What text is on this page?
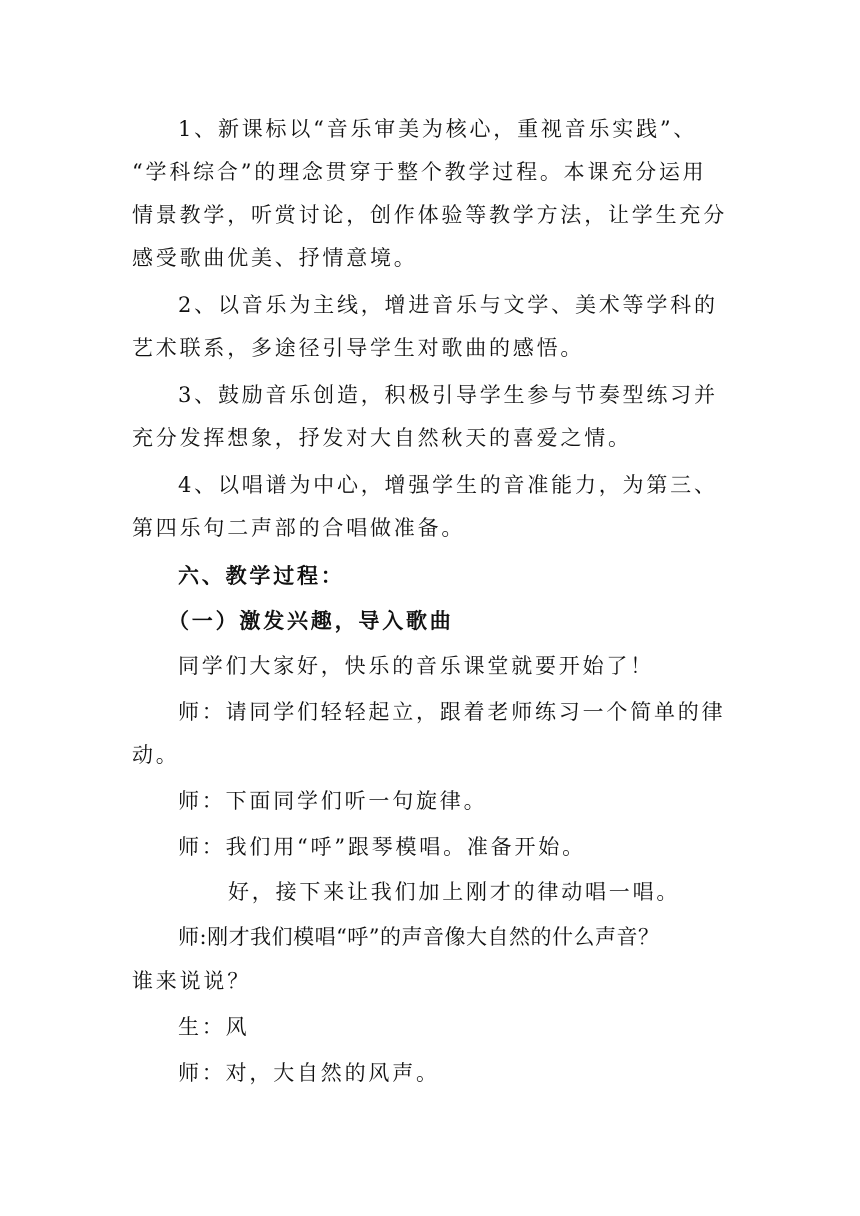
1、新课标以“音乐审美为核心，重视音乐实践”、
“学科综合”的理念贯穿于整个教学过程。本课充分运用
情景教学，听赏讨论，创作体验等教学方法，让学生充分
感受歌曲优美、抒情意境。
2、以音乐为主线，增进音乐与文学、美术等学科的
艺术联系，多途径引导学生对歌曲的感悟。
3、鼓励音乐创造，积极引导学生参与节奏型练习并
充分发挥想象，抒发对大自然秋天的喜爱之情。
4、以唱谱为中心，增强学生的音准能力，为第三、
第四乐句二声部的合唱做准备。
六、教学过程：
（一）激发兴趣，导入歌曲
同学们大家好，快乐的音乐课堂就要开始了！
师：请同学们轻轻起立，跟着老师练习一个简单的律
动。
师：下面同学们听一句旋律。
师：我们用“呼”跟琴模唱。准备开始。
好，接下来让我们加上刚才的律动唱一唱。
师:刚才我们模唱“呼”的声音像大自然的什么声音？
谁来说说？
生：风
师：对，大自然的风声。
